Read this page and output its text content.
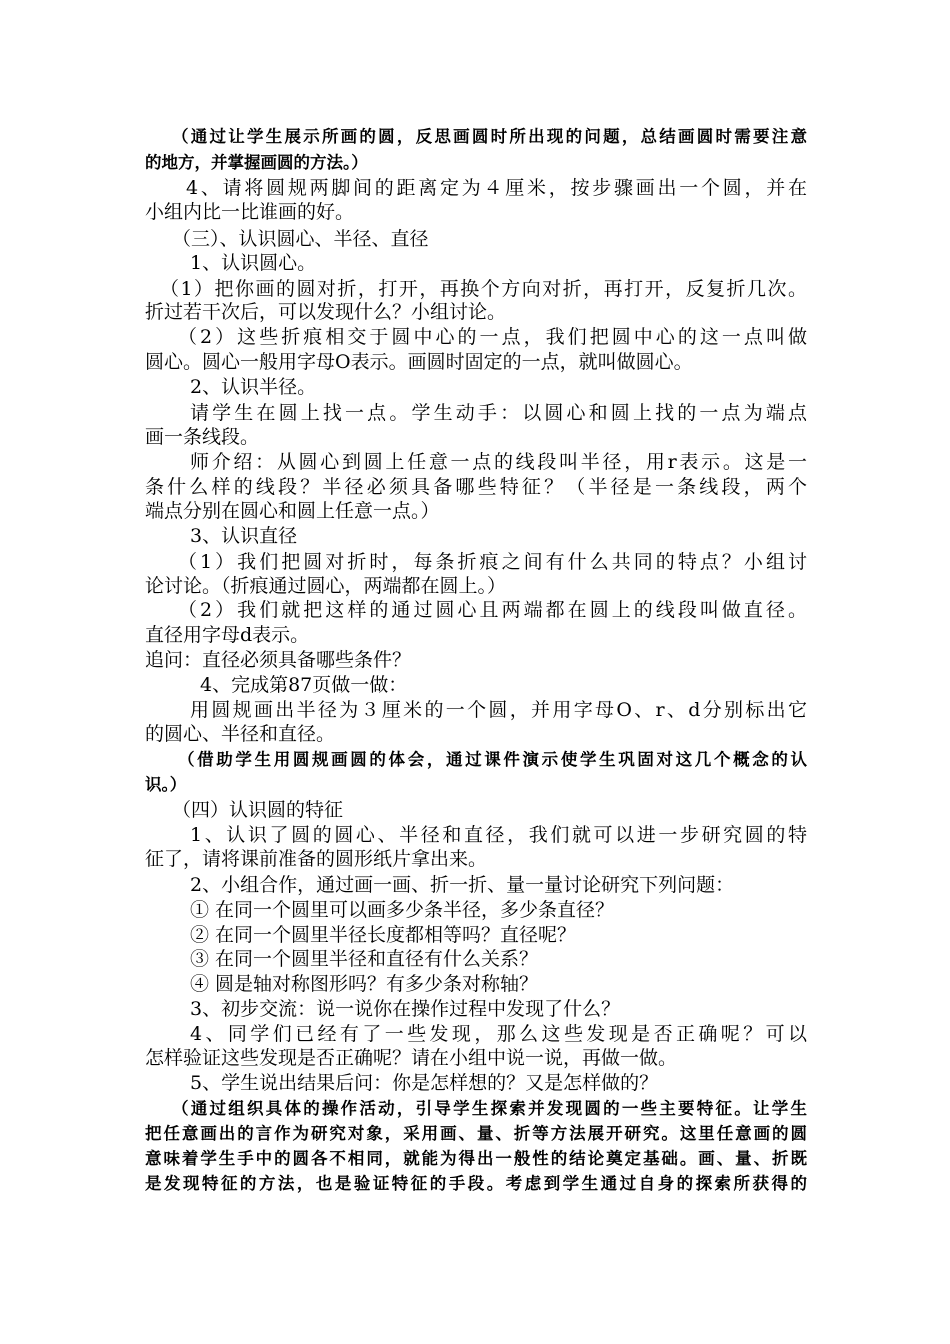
（通过让学生展示所画的圆，反思画圆时所出现的问题，总结画圆时需要注意
的地方，并掌握画圆的方法。）
4、请将圆规两脚间的距离定为４厘米，按步骤画出一个圆，并在
小组内比一比谁画的好。
（三）、认识圆心、半径、直径
1、认识圆心。
（1）把你画的圆对折，打开，再换个方向对折，再打开，反复折几次。
折过若干次后，可以发现什么？小组讨论。
（2）这些折痕相交于圆中心的一点，我们把圆中心的这一点叫做
圆心。圆心一般用字母O表示。画圆时固定的一点，就叫做圆心。
2、认识半径。
请学生在圆上找一点。学生动手：以圆心和圆上找的一点为端点
画一条线段。
师介绍：从圆心到圆上任意一点的线段叫半径，用r表示。这是一
条什么样的线段？半径必须具备哪些特征？（半径是一条线段，两个
端点分别在圆心和圆上任意一点。）
3、认识直径
（1）我们把圆对折时，每条折痕之间有什么共同的特点？小组讨
论讨论。（折痕通过圆心，两端都在圆上。）
（2）我们就把这样的通过圆心且两端都在圆上的线段叫做直径。
直径用字母d表示。
追问：直径必须具备哪些条件？
4、完成第87页做一做：
用圆规画出半径为３厘米的一个圆，并用字母O、r、d分别标出它
的圆心、半径和直径。
（借助学生用圆规画圆的体会，通过课件演示使学生巩固对这几个概念的认
识。）
（四）认识圆的特征
1、认识了圆的圆心、半径和直径，我们就可以进一步研究圆的特
征了，请将课前准备的圆形纸片拿出来。
2、小组合作，通过画一画、折一折、量一量讨论研究下列问题：
① 在同一个圆里可以画多少条半径，多少条直径？
② 在同一个圆里半径长度都相等吗？直径呢？
③ 在同一个圆里半径和直径有什么关系？
④ 圆是轴对称图形吗？有多少条对称轴？
3、初步交流：说一说你在操作过程中发现了什么？
4、同学们已经有了一些发现，那么这些发现是否正确呢？可以
怎样验证这些发现是否正确呢？请在小组中说一说，再做一做。
5、学生说出结果后问：你是怎样想的？又是怎样做的？
（通过组织具体的操作活动，引导学生探索并发现圆的一些主要特征。让学生
把任意画出的言作为研究对象，采用画、量、折等方法展开研究。这里任意画的圆
意味着学生手中的圆各不相同，就能为得出一般性的结论奠定基础。画、量、折既
是发现特征的方法，也是验证特征的手段。考虑到学生通过自身的探索所获得的
